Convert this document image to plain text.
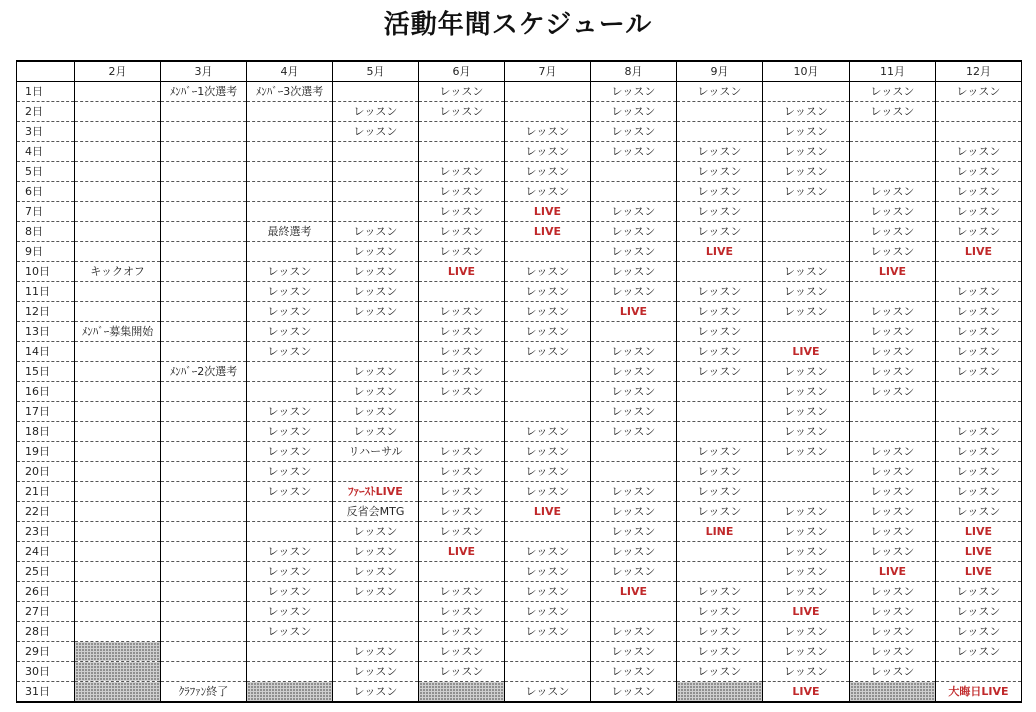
活動年間スケジュール
	2月	3月	4月	5月	6月	7月	8月	9月	10月	11月	12月
1日		ﾒﾝﾊﾞｰ1次選考	ﾒﾝﾊﾞｰ3次選考		レッスン		レッスン	レッスン		レッスン	レッスン
2日				レッスン	レッスン		レッスン		レッスン	レッスン	
3日				レッスン		レッスン	レッスン		レッスン		
4日						レッスン	レッスン	レッスン	レッスン		レッスン
5日					レッスン	レッスン		レッスン	レッスン		レッスン
6日					レッスン	レッスン		レッスン	レッスン	レッスン	レッスン
7日					レッスン	LIVE	レッスン	レッスン		レッスン	レッスン
8日			最終選考	レッスン	レッスン	LIVE	レッスン	レッスン		レッスン	レッスン
9日				レッスン	レッスン		レッスン	LIVE		レッスン	LIVE
10日	キックオフ		レッスン	レッスン	LIVE	レッスン	レッスン		レッスン	LIVE	
11日			レッスン	レッスン		レッスン	レッスン	レッスン	レッスン		レッスン
12日			レッスン	レッスン	レッスン	レッスン	LIVE	レッスン	レッスン	レッスン	レッスン
13日	ﾒﾝﾊﾞｰ募集開始		レッスン		レッスン	レッスン		レッスン		レッスン	レッスン
14日			レッスン		レッスン	レッスン	レッスン	レッスン	LIVE	レッスン	レッスン
15日		ﾒﾝﾊﾞｰ2次選考		レッスン	レッスン		レッスン	レッスン	レッスン	レッスン	レッスン
16日				レッスン	レッスン		レッスン		レッスン	レッスン	
17日			レッスン	レッスン			レッスン		レッスン		
18日			レッスン	レッスン		レッスン	レッスン		レッスン		レッスン
19日			レッスン	リハーサル	レッスン	レッスン		レッスン	レッスン	レッスン	レッスン
20日			レッスン		レッスン	レッスン		レッスン		レッスン	レッスン
21日			レッスン	ﾌｧｰｽﾄLIVE	レッスン	レッスン	レッスン	レッスン		レッスン	レッスン
22日				反省会MTG	レッスン	LIVE	レッスン	レッスン	レッスン	レッスン	レッスン
23日				レッスン	レッスン		レッスン	LINE	レッスン	レッスン	LIVE
24日			レッスン	レッスン	LIVE	レッスン	レッスン		レッスン	レッスン	LIVE
25日			レッスン	レッスン		レッスン	レッスン		レッスン	LIVE	LIVE
26日			レッスン	レッスン	レッスン	レッスン	LIVE	レッスン	レッスン	レッスン	レッスン
27日			レッスン		レッスン	レッスン		レッスン	LIVE	レッスン	レッスン
28日			レッスン		レッスン	レッスン	レッスン	レッスン	レッスン	レッスン	レッスン
29日				レッスン	レッスン		レッスン	レッスン	レッスン	レッスン	レッスン
30日				レッスン	レッスン		レッスン	レッスン	レッスン	レッスン	
31日		ｸﾗﾌｧﾝ終了		レッスン		レッスン	レッスン		LIVE		大晦日LIVE
